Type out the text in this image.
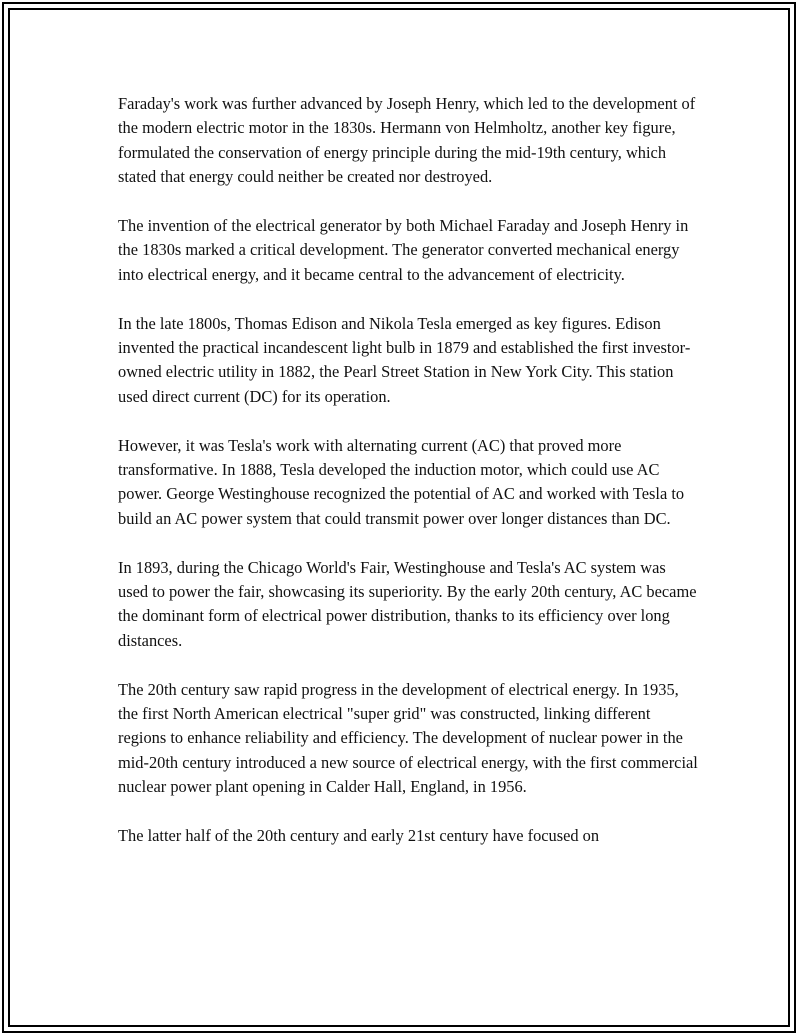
Faraday's work was further advanced by Joseph Henry, which led to the development of the modern electric motor in the 1830s. Hermann von Helmholtz, another key figure, formulated the conservation of energy principle during the mid-19th century, which stated that energy could neither be created nor destroyed.

The invention of the electrical generator by both Michael Faraday and Joseph Henry in the 1830s marked a critical development. The generator converted mechanical energy into electrical energy, and it became central to the advancement of electricity.

In the late 1800s, Thomas Edison and Nikola Tesla emerged as key figures. Edison invented the practical incandescent light bulb in 1879 and established the first investor-owned electric utility in 1882, the Pearl Street Station in New York City. This station used direct current (DC) for its operation.

However, it was Tesla's work with alternating current (AC) that proved more transformative. In 1888, Tesla developed the induction motor, which could use AC power. George Westinghouse recognized the potential of AC and worked with Tesla to build an AC power system that could transmit power over longer distances than DC.

In 1893, during the Chicago World's Fair, Westinghouse and Tesla's AC system was used to power the fair, showcasing its superiority. By the early 20th century, AC became the dominant form of electrical power distribution, thanks to its efficiency over long distances.

The 20th century saw rapid progress in the development of electrical energy. In 1935, the first North American electrical "super grid" was constructed, linking different regions to enhance reliability and efficiency. The development of nuclear power in the mid-20th century introduced a new source of electrical energy, with the first commercial nuclear power plant opening in Calder Hall, England, in 1956.

The latter half of the 20th century and early 21st century have focused on
